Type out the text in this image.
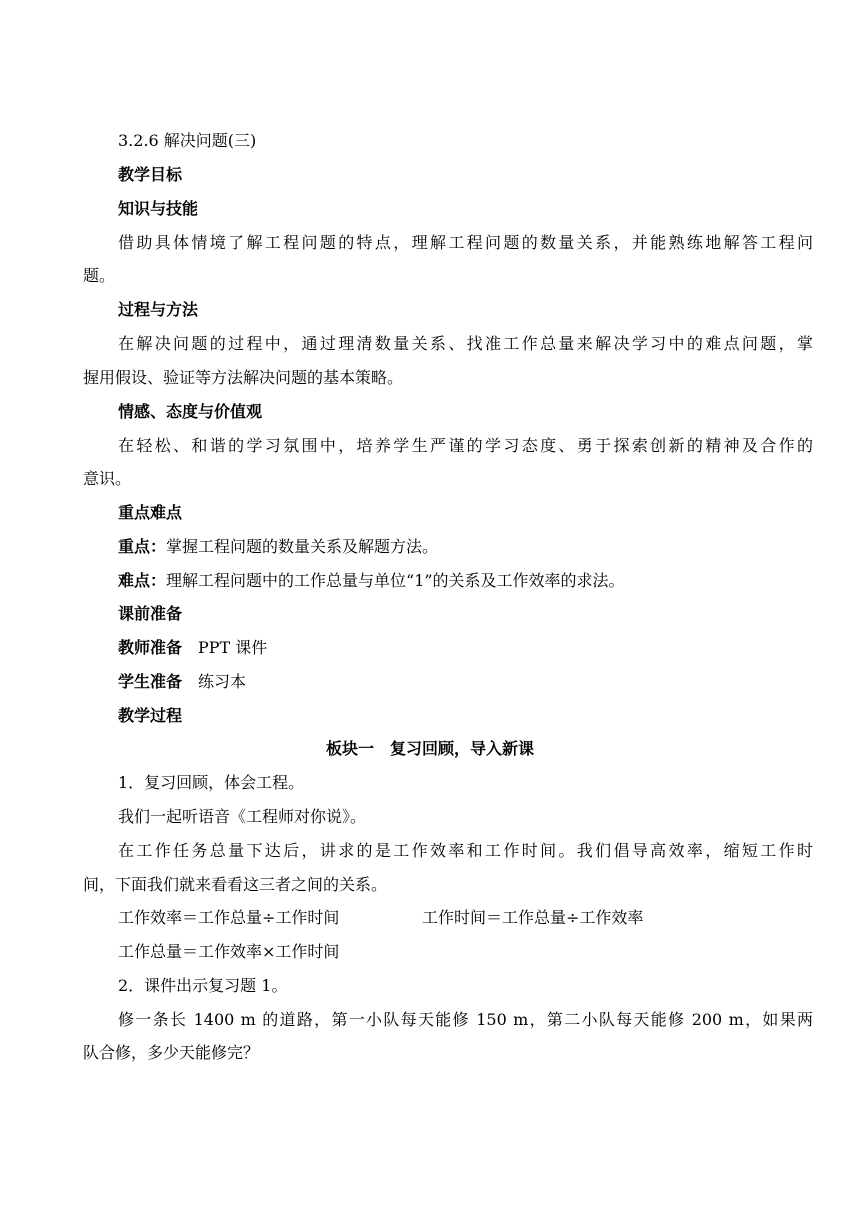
3.2.6 解决问题(三)
教学目标
知识与技能
借助具体情境了解工程问题的特点，理解工程问题的数量关系，并能熟练地解答工程问
题。
过程与方法
在解决问题的过程中，通过理清数量关系、找准工作总量来解决学习中的难点问题，掌
握用假设、验证等方法解决问题的基本策略。
情感、态度与价值观
在轻松、和谐的学习氛围中，培养学生严谨的学习态度、勇于探索创新的精神及合作的
意识。
重点难点
重点：掌握工程问题的数量关系及解题方法。
难点：理解工程问题中的工作总量与单位“1”的关系及工作效率的求法。
课前准备
教师准备 PPT 课件
学生准备 练习本
教学过程
板块一　复习回顾，导入新课
1．复习回顾，体会工程。
我们一起听语音《工程师对你说》。
在工作任务总量下达后，讲求的是工作效率和工作时间。我们倡导高效率，缩短工作时
间，下面我们就来看看这三者之间的关系。
工作效率＝工作总量÷工作时间	工作时间＝工作总量÷工作效率
工作总量＝工作效率×工作时间
2．课件出示复习题 1。
修一条长 1400 m 的道路，第一小队每天能修 150 m，第二小队每天能修 200 m，如果两
队合修，多少天能修完？
